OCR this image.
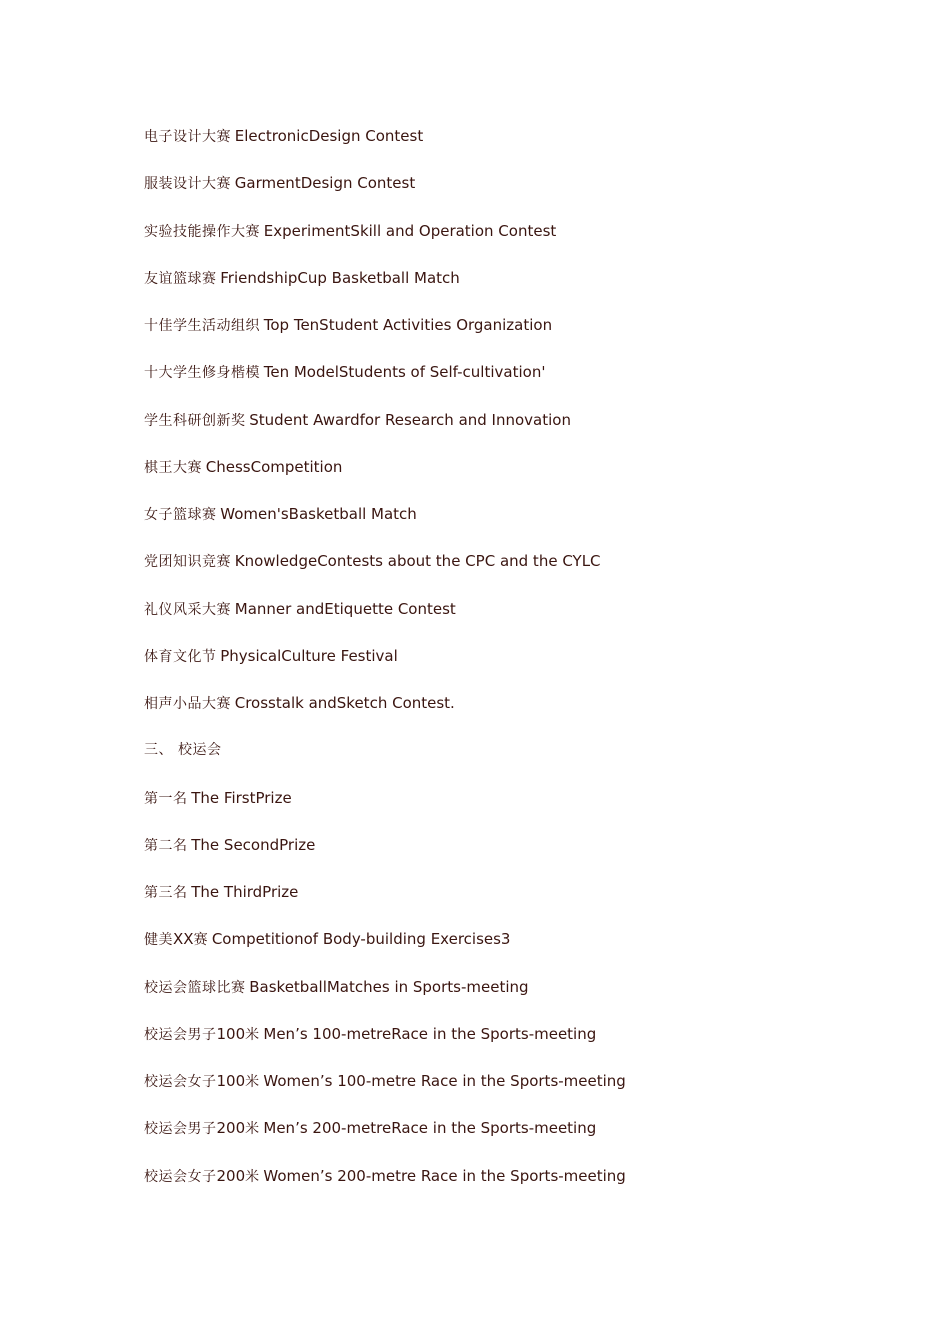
电子设计大赛 ElectronicDesign Contest
服装设计大赛 GarmentDesign Contest
实验技能操作大赛 ExperimentSkill and Operation Contest
友谊篮球赛 FriendshipCup Basketball Match
十佳学生活动组织 Top TenStudent Activities Organization
十大学生修身楷模 Ten ModelStudents of Self-cultivation'
学生科研创新奖 Student Awardfor Research and Innovation
棋王大赛 ChessCompetition
女子篮球赛 Women'sBasketball Match
党团知识竞赛 KnowledgeContests about the CPC and the CYLC
礼仪风采大赛 Manner andEtiquette Contest
体育文化节 PhysicalCulture Festival
相声小品大赛 Crosstalk andSketch Contest.
三、 校运会
第一名 The FirstPrize
第二名 The SecondPrize
第三名 The ThirdPrize
健美XX赛 Competitionof Body-building Exercises3
校运会篮球比赛 BasketballMatches in Sports-meeting
校运会男子100米 Men’s 100-metreRace in the Sports-meeting
校运会女子100米 Women’s 100-metre Race in the Sports-meeting
校运会男子200米 Men’s 200-metreRace in the Sports-meeting
校运会女子200米 Women’s 200-metre Race in the Sports-meeting
